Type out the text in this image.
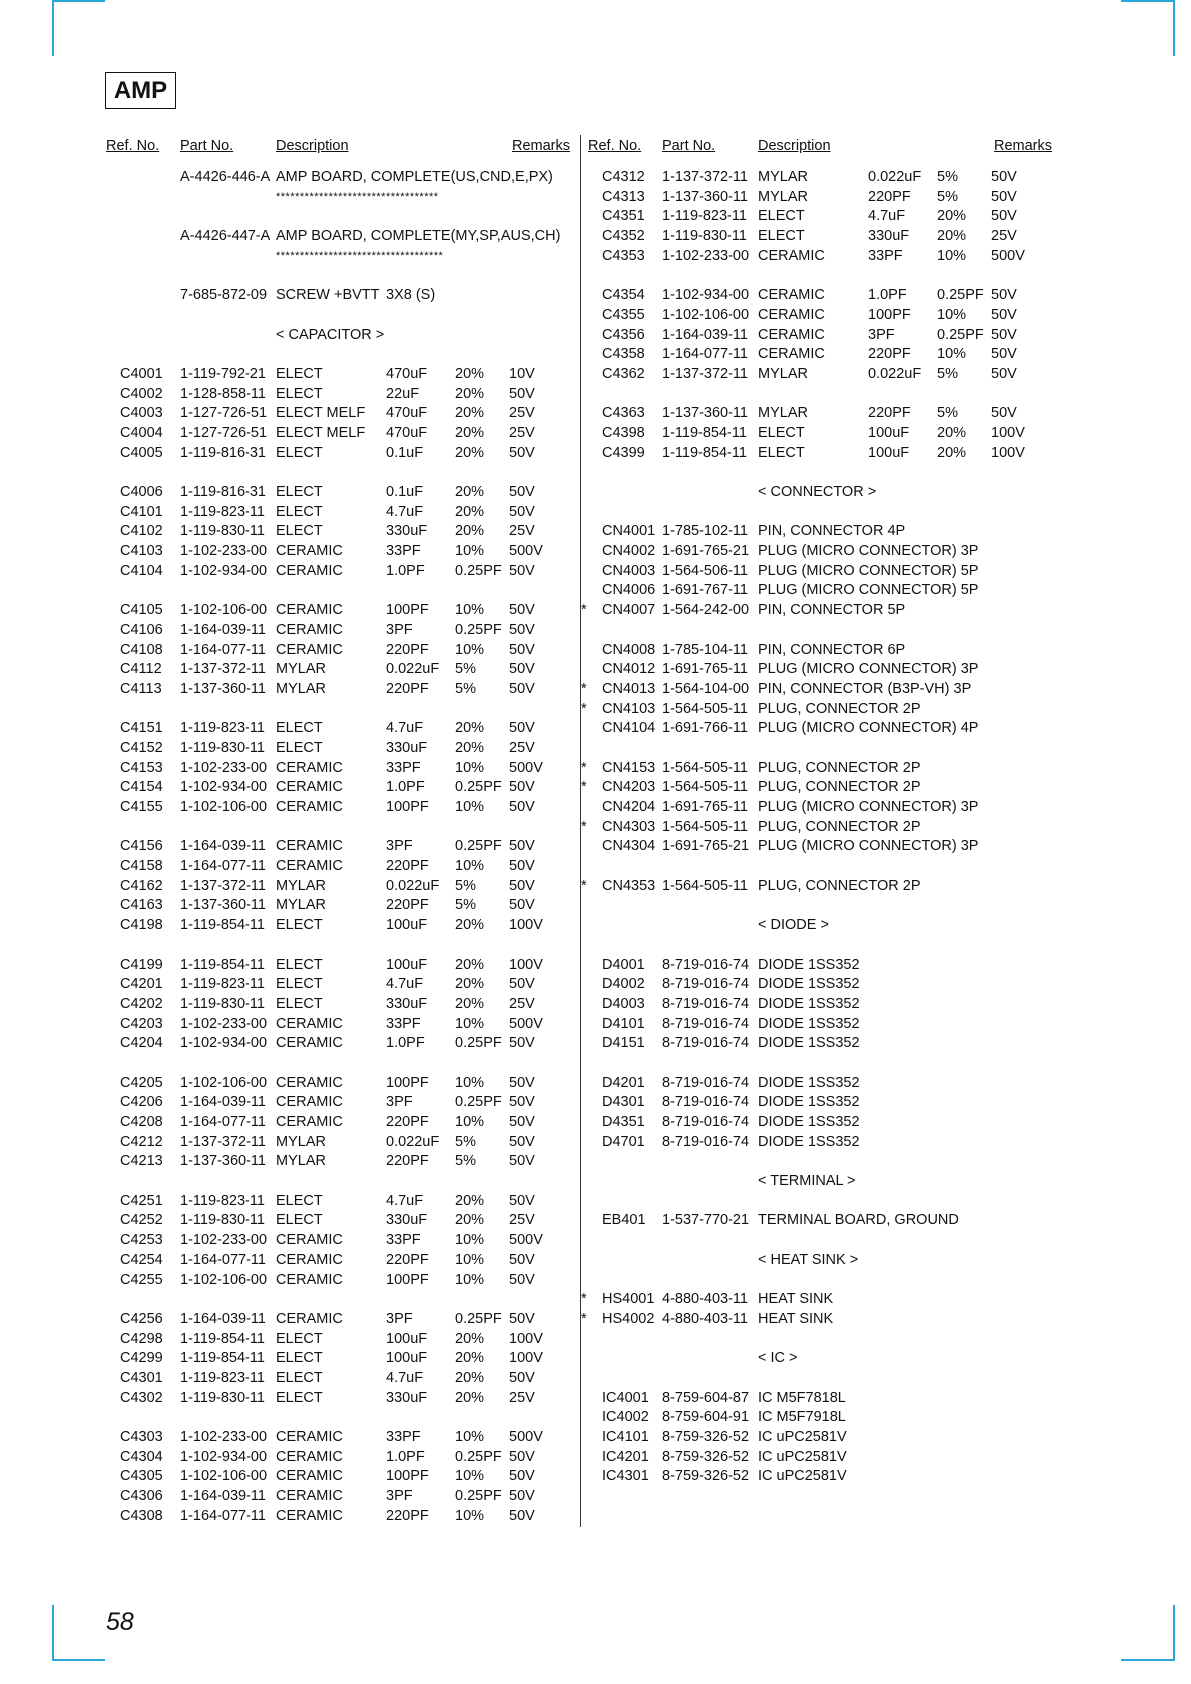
AMP
Ref. No. Part No.	Description	Remarks
A-4426-446-A AMP BOARD, COMPLETE(US,CND,E,PX)
**********************************
A-4426-447-A AMP BOARD, COMPLETE(MY,SP,AUS,CH)
***********************************
7-685-872-09 SCREW +BVTT 3X8 (S)
< CAPACITOR >
C4001 1-119-792-21 ELECT	470uF 20% 10V
C4002 1-128-858-11 ELECT	22uF 20% 50V
C4003 1-127-726-51 ELECT MELF 470uF 20% 25V
C4004 1-127-726-51 ELECT MELF 470uF 20% 25V
C4005 1-119-816-31 ELECT	0.1uF 20% 50V
C4006 1-119-816-31 ELECT	0.1uF 20% 50V
C4101 1-119-823-11 ELECT	4.7uF 20% 50V
C4102 1-119-830-11 ELECT	330uF 20% 25V
C4103 1-102-233-00 CERAMIC	33PF 10% 500V
C4104 1-102-934-00 CERAMIC	1.0PF 0.25PF 50V
C4105 1-102-106-00 CERAMIC	100PF 10% 50V
C4106 1-164-039-11 CERAMIC	3PF	0.25PF 50V
C4108 1-164-077-11 CERAMIC	220PF 10% 50V
C4112 1-137-372-11 MYLAR	0.022uF 5% 50V
C4113 1-137-360-11 MYLAR	220PF 5% 50V
C4151 1-119-823-11 ELECT	4.7uF 20% 50V
C4152 1-119-830-11 ELECT	330uF 20% 25V
C4153 1-102-233-00 CERAMIC	33PF 10% 500V
C4154 1-102-934-00 CERAMIC	1.0PF 0.25PF 50V
C4155 1-102-106-00 CERAMIC	100PF 10% 50V
C4156 1-164-039-11 CERAMIC	3PF	0.25PF 50V
C4158 1-164-077-11 CERAMIC	220PF 10% 50V
C4162 1-137-372-11 MYLAR	0.022uF 5% 50V
C4163 1-137-360-11 MYLAR	220PF 5% 50V
C4198 1-119-854-11 ELECT	100uF 20% 100V
C4199 1-119-854-11 ELECT	100uF 20% 100V
C4201 1-119-823-11 ELECT	4.7uF 20% 50V
C4202 1-119-830-11 ELECT	330uF 20% 25V
C4203 1-102-233-00 CERAMIC	33PF 10% 500V
C4204 1-102-934-00 CERAMIC	1.0PF 0.25PF 50V
C4205 1-102-106-00 CERAMIC	100PF 10% 50V
C4206 1-164-039-11 CERAMIC	3PF	0.25PF 50V
C4208 1-164-077-11 CERAMIC	220PF 10% 50V
C4212 1-137-372-11 MYLAR	0.022uF 5% 50V
C4213 1-137-360-11 MYLAR	220PF 5% 50V
C4251 1-119-823-11 ELECT	4.7uF 20% 50V
C4252 1-119-830-11 ELECT	330uF 20% 25V
C4253 1-102-233-00 CERAMIC	33PF 10% 500V
C4254 1-164-077-11 CERAMIC	220PF 10% 50V
C4255 1-102-106-00 CERAMIC	100PF 10% 50V
C4256 1-164-039-11 CERAMIC	3PF	0.25PF 50V
C4298 1-119-854-11 ELECT	100uF 20% 100V
C4299 1-119-854-11 ELECT	100uF 20% 100V
C4301 1-119-823-11 ELECT	4.7uF 20% 50V
C4302 1-119-830-11 ELECT	330uF 20% 25V
C4303 1-102-233-00 CERAMIC	33PF 10% 500V
C4304 1-102-934-00 CERAMIC	1.0PF 0.25PF 50V
C4305 1-102-106-00 CERAMIC	100PF 10% 50V
C4306 1-164-039-11 CERAMIC	3PF	0.25PF 50V
C4308 1-164-077-11 CERAMIC	220PF 10% 50V
Ref. No. Part No.	Description	Remarks
C4312 1-137-372-11 MYLAR	0.022uF 5% 50V
C4313 1-137-360-11 MYLAR	220PF 5% 50V
C4351 1-119-823-11 ELECT	4.7uF 20% 50V
C4352 1-119-830-11 ELECT	330uF 20% 25V
C4353 1-102-233-00 CERAMIC	33PF 10% 500V
C4354 1-102-934-00 CERAMIC	1.0PF 0.25PF 50V
C4355 1-102-106-00 CERAMIC	100PF 10% 50V
C4356 1-164-039-11 CERAMIC	3PF	0.25PF 50V
C4358 1-164-077-11 CERAMIC	220PF 10% 50V
C4362 1-137-372-11 MYLAR	0.022uF 5% 50V
C4363 1-137-360-11 MYLAR	220PF 5% 50V
C4398 1-119-854-11 ELECT	100uF 20% 100V
C4399 1-119-854-11 ELECT	100uF 20% 100V
< CONNECTOR >
CN4001 1-785-102-11 PIN, CONNECTOR 4P
CN4002 1-691-765-21 PLUG (MICRO CONNECTOR) 3P
CN4003 1-564-506-11 PLUG (MICRO CONNECTOR) 5P
CN4006 1-691-767-11 PLUG (MICRO CONNECTOR) 5P
* CN4007 1-564-242-00 PIN, CONNECTOR 5P
CN4008 1-785-104-11 PIN, CONNECTOR 6P
CN4012 1-691-765-11 PLUG (MICRO CONNECTOR) 3P
* CN4013 1-564-104-00 PIN, CONNECTOR (B3P-VH) 3P
* CN4103 1-564-505-11 PLUG, CONNECTOR 2P
CN4104 1-691-766-11 PLUG (MICRO CONNECTOR) 4P
* CN4153 1-564-505-11 PLUG, CONNECTOR 2P
* CN4203 1-564-505-11 PLUG, CONNECTOR 2P
CN4204 1-691-765-11 PLUG (MICRO CONNECTOR) 3P
* CN4303 1-564-505-11 PLUG, CONNECTOR 2P
CN4304 1-691-765-21 PLUG (MICRO CONNECTOR) 3P
* CN4353 1-564-505-11 PLUG, CONNECTOR 2P
< DIODE >
D4001 8-719-016-74 DIODE 1SS352
D4002 8-719-016-74 DIODE 1SS352
D4003 8-719-016-74 DIODE 1SS352
D4101 8-719-016-74 DIODE 1SS352
D4151 8-719-016-74 DIODE 1SS352
D4201 8-719-016-74 DIODE 1SS352
D4301 8-719-016-74 DIODE 1SS352
D4351 8-719-016-74 DIODE 1SS352
D4701 8-719-016-74 DIODE 1SS352
< TERMINAL >
EB401 1-537-770-21 TERMINAL BOARD, GROUND
< HEAT SINK >
* HS4001 4-880-403-11 HEAT SINK
* HS4002 4-880-403-11 HEAT SINK
< IC >
IC4001 8-759-604-87 IC M5F7818L
IC4002 8-759-604-91 IC M5F7918L
IC4101 8-759-326-52 IC uPC2581V
IC4201 8-759-326-52 IC uPC2581V
IC4301 8-759-326-52 IC uPC2581V
58
